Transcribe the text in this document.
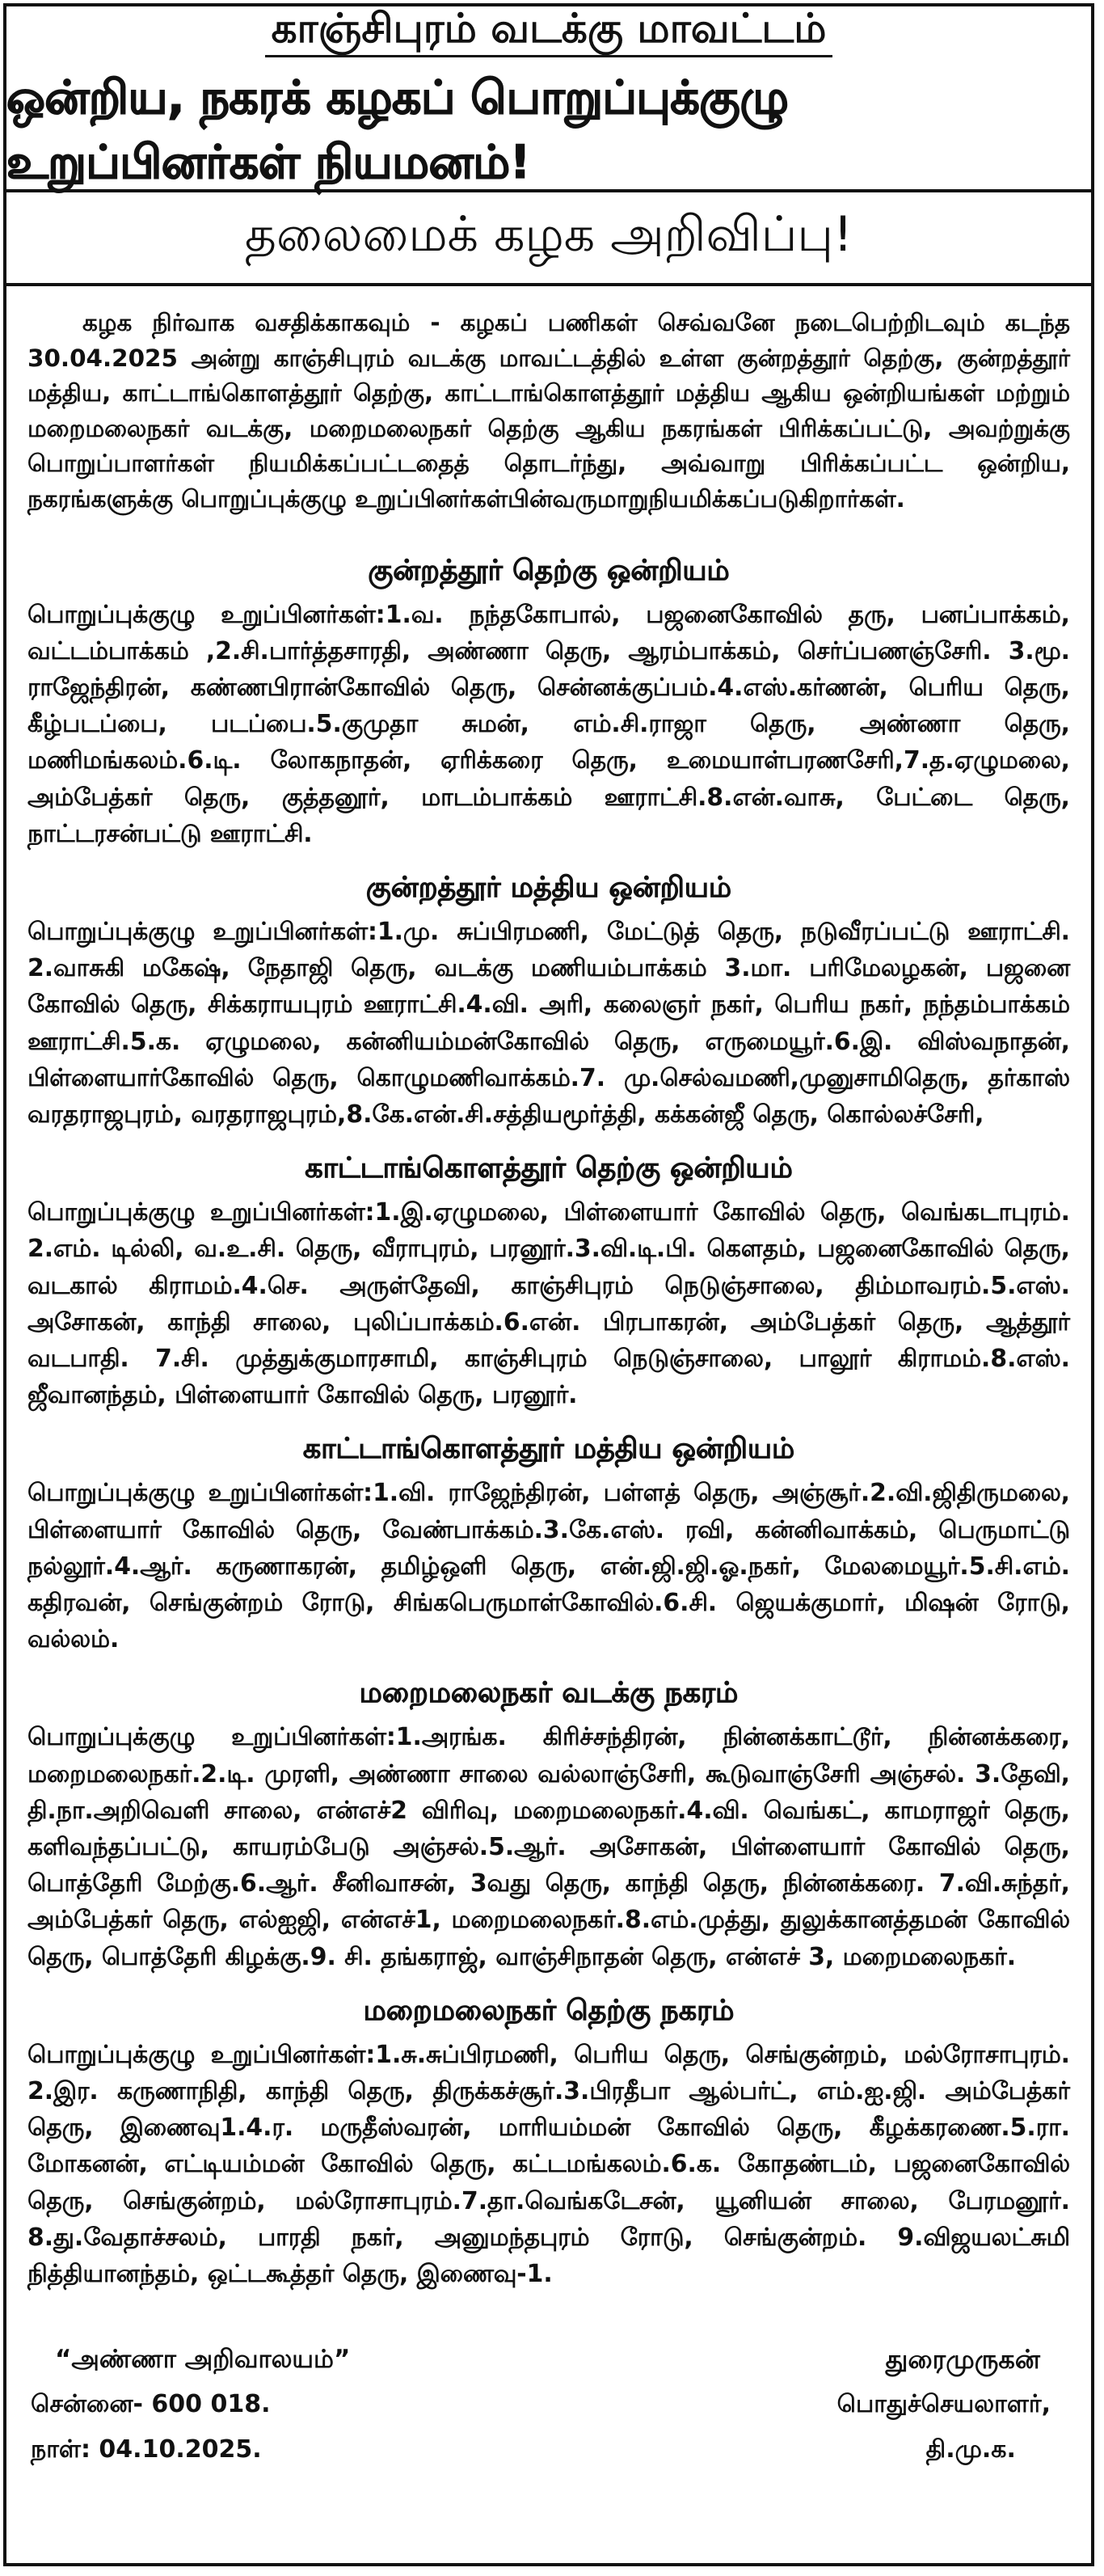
காஞ்சிபுரம் வடக்கு மாவட்டம்
ஒன்றிய, நகரக் கழகப் பொறுப்புக்குழு உறுப்பினர்கள் நியமனம்!
தலைமைக் கழக அறிவிப்பு!

கழக நிர்வாக வசதிக்காகவும் - கழகப் பணிகள் செவ்வனே நடைபெற்றிடவும் கடந்த 30.04.2025 அன்று காஞ்சிபுரம் வடக்கு மாவட்டத்தில் உள்ள குன்றத்தூர் தெற்கு, குன்றத்தூர் மத்திய, காட்டாங்கொளத்தூர் தெற்கு, காட்டாங்கொளத்தூர் மத்திய ஆகிய ஒன்றியங்கள் மற்றும் மறைமலைநகர் வடக்கு, மறைமலைநகர் தெற்கு ஆகிய நகரங்கள் பிரிக்கப்பட்டு, அவற்றுக்கு பொறுப்பாளர்கள் நியமிக்கப்பட்டதைத் தொடர்ந்து, அவ்வாறு பிரிக்கப்பட்ட ஒன்றிய, நகரங்களுக்கு பொறுப்புக்குழு உறுப்பினர்கள்பின்வருமாறுநியமிக்கப்படுகிறார்கள்.

குன்றத்தூர் தெற்கு ஒன்றியம்

பொறுப்புக்குழு உறுப்பினர்கள்:1.வ. நந்தகோபால், பஜனைகோவில் தரு, பனப்பாக்கம், வட்டம்பாக்கம் ,2.சி.பார்த்தசாரதி, அண்ணா தெரு, ஆரம்பாக்கம், செர்ப்பணஞ்சேரி. 3.மூ. ராஜேந்திரன், கண்ணபிரான்கோவில் தெரு, சென்னக்குப்பம்.4.எஸ்.கர்ணன், பெரிய தெரு, கீழ்படப்பை, படப்பை.5.குமுதா சுமன், எம்.சி.ராஜா தெரு, அண்ணா தெரு, மணிமங்கலம்.6.டி. லோகநாதன், ஏரிக்கரை தெரு, உமையாள்பரணசேரி,7.த.ஏழுமலை, அம்பேத்கர் தெரு, குத்தனூர், மாடம்பாக்கம் ஊராட்சி.8.என்.வாசு, பேட்டை தெரு, நாட்டரசன்பட்டு ஊராட்சி.

குன்றத்தூர் மத்திய ஒன்றியம்

பொறுப்புக்குழு உறுப்பினர்கள்:1.மு. சுப்பிரமணி, மேட்டுத் தெரு, நடுவீரப்பட்டு ஊராட்சி. 2.வாசுகி மகேஷ், நேதாஜி தெரு, வடக்கு மணியம்பாக்கம் 3.மா. பரிமேலழகன், பஜனை கோவில் தெரு, சிக்கராயபுரம் ஊராட்சி.4.வி. அரி, கலைஞர் நகர், பெரிய நகர், நந்தம்பாக்கம் ஊராட்சி.5.க. ஏழுமலை, கன்னியம்மன்கோவில் தெரு, எருமையூர்.6.இ. விஸ்வநாதன், பிள்ளையார்கோவில் தெரு, கொழுமணிவாக்கம்.7. மு.செல்வமணி,முனுசாமிதெரு, தர்காஸ் வரதராஜபுரம், வரதராஜபுரம்,8.கே.என்.சி.சத்தியமூர்த்தி, கக்கன்ஜீ தெரு, கொல்லச்சேரி,

காட்டாங்கொளத்தூர் தெற்கு ஒன்றியம்

பொறுப்புக்குழு உறுப்பினர்கள்:1.இ.ஏழுமலை, பிள்ளையார் கோவில் தெரு, வெங்கடாபுரம். 2.எம். டில்லி, வ.உ.சி. தெரு, வீராபுரம், பரனூர்.3.வி.டி.பி. கௌதம், பஜனைகோவில் தெரு, வடகால் கிராமம்.4.செ. அருள்தேவி, காஞ்சிபுரம் நெடுஞ்சாலை, திம்மாவரம்.5.எஸ். அசோகன், காந்தி சாலை, புலிப்பாக்கம்.6.என். பிரபாகரன், அம்பேத்கர் தெரு, ஆத்தூர் வடபாதி. 7.சி. முத்துக்குமாரசாமி, காஞ்சிபுரம் நெடுஞ்சாலை, பாலூர் கிராமம்.8.எஸ். ஜீவானந்தம், பிள்ளையார் கோவில் தெரு, பரனூர்.

காட்டாங்கொளத்தூர் மத்திய ஒன்றியம்

பொறுப்புக்குழு உறுப்பினர்கள்:1.வி. ராஜேந்திரன், பள்ளத் தெரு, அஞ்சூர்.2.வி.ஜிதிருமலை, பிள்ளையார் கோவில் தெரு, வேண்பாக்கம்.3.கே.எஸ். ரவி, கன்னிவாக்கம், பெருமாட்டு நல்லூர்.4.ஆர். கருணாகரன், தமிழ்ஒளி தெரு, என்.ஜி.ஜி.ஓ.நகர், மேலமையூர்.5.சி.எம். கதிரவன், செங்குன்றம் ரோடு, சிங்கபெருமாள்கோவில்.6.சி. ஜெயக்குமார், மிஷன் ரோடு, வல்லம்.

மறைமலைநகர் வடக்கு நகரம்

பொறுப்புக்குழு உறுப்பினர்கள்:1.அரங்க. கிரிச்சந்திரன், நின்னக்காட்டூர், நின்னக்கரை, மறைமலைநகர்.2.டி. முரளி, அண்ணா சாலை வல்லாஞ்சேரி, கூடுவாஞ்சேரி அஞ்சல். 3.தேவி, தி.நா.அறிவெளி சாலை, என்எச்2 விரிவு, மறைமலைநகர்.4.வி. வெங்கட், காமராஜர் தெரு, களிவந்தப்பட்டு, காயரம்பேடு அஞ்சல்.5.ஆர். அசோகன், பிள்ளையார் கோவில் தெரு, பொத்தேரி மேற்கு.6.ஆர். சீனிவாசன், 3வது தெரு, காந்தி தெரு, நின்னக்கரை. 7.வி.சுந்தர், அம்பேத்கர் தெரு, எல்ஐஜி, என்எச்1, மறைமலைநகர்.8.எம்.முத்து, துலுக்கானத்தமன் கோவில் தெரு, பொத்தேரி கிழக்கு.9. சி. தங்கராஜ், வாஞ்சிநாதன் தெரு, என்எச் 3, மறைமலைநகர்.

மறைமலைநகர் தெற்கு நகரம்

பொறுப்புக்குழு உறுப்பினர்கள்:1.சு.சுப்பிரமணி, பெரிய தெரு, செங்குன்றம், மல்ரோசாபுரம். 2.இர. கருணாநிதி, காந்தி தெரு, திருக்கச்சூர்.3.பிரதீபா ஆல்பர்ட், எம்.ஐ.ஜி. அம்பேத்கர் தெரு, இணைவு1.4.ர. மருதீஸ்வரன், மாரியம்மன் கோவில் தெரு, கீழக்கரணை.5.ரா. மோகனன், எட்டியம்மன் கோவில் தெரு, கட்டமங்கலம்.6.க. கோதண்டம், பஜனைகோவில் தெரு, செங்குன்றம், மல்ரோசாபுரம்.7.தா.வெங்கடேசன், யூனியன் சாலை, பேரமனூர். 8.து.வேதாச்சலம், பாரதி நகர், அனுமந்தபுரம் ரோடு, செங்குன்றம். 9.விஜயலட்சுமி நித்தியானந்தம், ஒட்டகூத்தர் தெரு, இணைவு-1.

“அண்ணா அறிவாலயம்”
சென்னை- 600 018.
நாள்: 04.10.2025.
துரைமுருகன்
பொதுச்செயலாளர்,
தி.மு.க.
